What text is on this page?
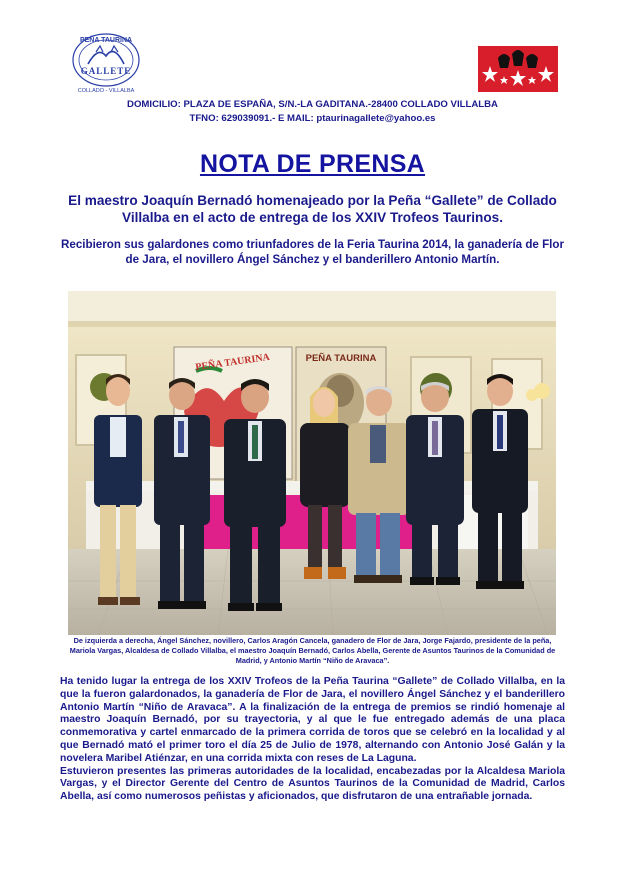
PEÑA TAURINA
GALLETE
COLLADO - VILLALBA
DOMICILIO: PLAZA DE ESPAÑA, S/N.-LA GADITANA.-28400 COLLADO VILLALBA
TFNO: 629039091.- E MAIL: ptaurinagallete@yahoo.es
NOTA DE PRENSA
El maestro Joaquín Bernadó homenajeado por la Peña “Gallete” de Collado Villalba en el acto de entrega de los XXIV Trofeos Taurinos.
Recibieron sus galardones como triunfadores de la Feria Taurina 2014, la ganadería de Flor de Jara, el novillero Ángel Sánchez y el banderillero Antonio Martín.
PEÑA TAURINA	PEÑA TAURINA
De izquierda a derecha, Ángel Sánchez, novillero, Carlos Aragón Cancela, ganadero de Flor de Jara, Jorge Fajardo, presidente de la peña, Mariola Vargas, Alcaldesa de Collado Villalba, el maestro Joaquín Bernadó, Carlos Abella, Gerente de Asuntos Taurinos de la Comunidad de Madrid, y Antonio Martín “Niño de Aravaca”.

Ha tenido lugar la entrega de los XXIV Trofeos de la Peña Taurina “Gallete” de Collado Villalba, en la que la fueron galardonados, la ganadería de Flor de Jara, el novillero Ángel Sánchez y el banderillero Antonio Martín “Niño de Aravaca”. A la finalización de la entrega de premios se rindió homenaje al maestro Joaquín Bernadó, por su trayectoria, y al que le fue entregado además de una placa conmemorativa y cartel enmarcado de la primera corrida de toros que se celebró en la localidad y al que Bernadó mató el primer toro el día 25 de Julio de 1978, alternando con Antonio José Galán y la novelera Maribel Atiénzar, en una corrida mixta con reses de La Laguna.

Estuvieron presentes las primeras autoridades de la localidad, encabezadas por la Alcaldesa Mariola Vargas, y el Director Gerente del Centro de Asuntos Taurinos de la Comunidad de Madrid, Carlos Abella, así como numerosos peñistas y aficionados, que disfrutaron de una entrañable jornada.
